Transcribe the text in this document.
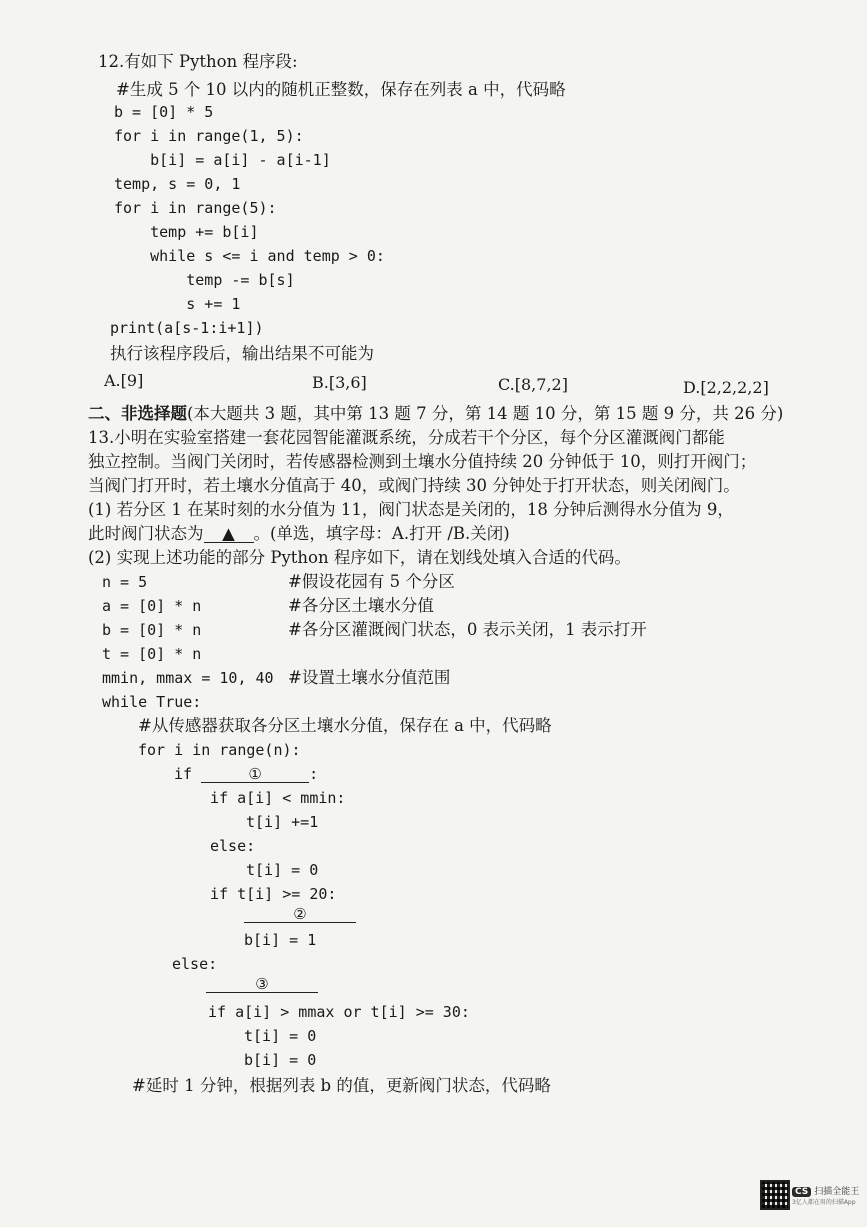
12.有如下 Python 程序段:
#生成 5 个 10 以内的随机正整数，保存在列表 a 中，代码略
b = [0] * 5
for i in range(1, 5):
b[i] = a[i] - a[i-1]
temp, s = 0, 1
for i in range(5):
temp += b[i]
while s <= i and temp > 0:
temp -= b[s]
s += 1
print(a[s-1:i+1])
执行该程序段后，输出结果不可能为
A.[9]	B.[3,6]	C.[8,7,2]	D.[2,2,2,2]
二、非选择题(本大题共 3 题，其中第 13 题 7 分，第 14 题 10 分，第 15 题 9 分，共 26 分)
13.小明在实验室搭建一套花园智能灌溉系统，分成若干个分区，每个分区灌溉阀门都能
独立控制。当阀门关闭时，若传感器检测到土壤水分值持续 20 分钟低于 10，则打开阀门；
当阀门打开时，若土壤水分值高于 40，或阀门持续 30 分钟处于打开状态，则关闭阀门。
(1) 若分区 1 在某时刻的水分值为 11，阀门状态是关闭的，18 分钟后测得水分值为 9，
此时阀门状态为 ▲ 。(单选，填字母：A.打开 /B.关闭)
(2) 实现上述功能的部分 Python 程序如下，请在划线处填入合适的代码。
n = 5	#假设花园有 5 个分区
a = [0] * n	#各分区土壤水分值
b = [0] * n	#各分区灌溉阀门状态，0 表示关闭，1 表示打开
t = [0] * n
mmin, mmax = 10, 40 #设置土壤水分值范围
while True:
#从传感器获取各分区土壤水分值，保存在 a 中，代码略
for i in range(n):
if	①	:
if a[i] < mmin:
t[i] +=1
else:
t[i] = 0
if t[i] >= 20:
②
b[i] = 1
else:
③
if a[i] > mmax or t[i] >= 30:
t[i] = 0
b[i] = 0
#延时 1 分钟，根据列表 b 的值，更新阀门状态，代码略
CS 扫描全能王
3亿人都在用的扫描App
